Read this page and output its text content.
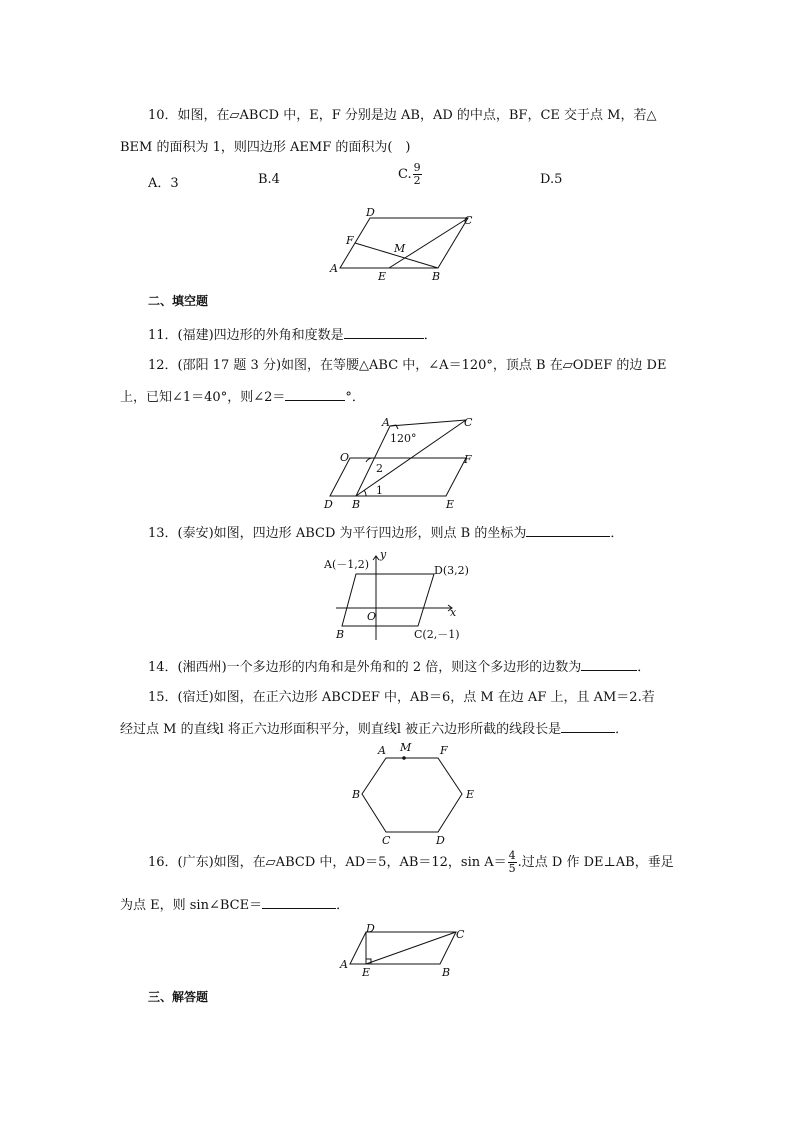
10．如图，在▱ABCD 中，E，F 分别是边 AB，AD 的中点，BF，CE 交于点 M，若△
BEM 的面积为 1，则四边形 AEMF 的面积为(　)
A．3	B.4	C. $\frac{9}{2}$	D.5
A
D
C
F
M
E	B
二、填空题
11．(福建)四边形的外角和度数是	．
12．(邵阳 17 题 3 分)如图，在等腰△ABC 中，∠A＝120°，顶点 B 在▱ODEF 的边 DE
上，已知∠1＝40°，则∠2＝	°．
A	C
120°
O	F
2
1
D B	E
13．(泰安)如图，四边形 ABCD 为平行四边形，则点 B 的坐标为	．
A(－1,2)	D(3,2)
y
x
O
B	C(2,－1)
14．(湘西州)一个多边形的内角和是外角和的 2 倍，则这个多边形的边数为	．
15．(宿迁)如图，在正六边形 ABCDEF 中，AB＝6，点 M 在边 AF 上，且 AM＝2.若
经过点 M 的直线l 将正六边形面积平分，则直线l 被正六边形所截的线段长是	．
A M	F
B	E
C	D
16．(广东)如图，在▱ABCD 中，AD＝5，AB＝12，$\sin A= \frac{4}{5}$ .过点 D 作 DE⊥AB，垂足
为点 E，则 sin∠BCE＝	．
A
D	C
E	B
三、解答题
